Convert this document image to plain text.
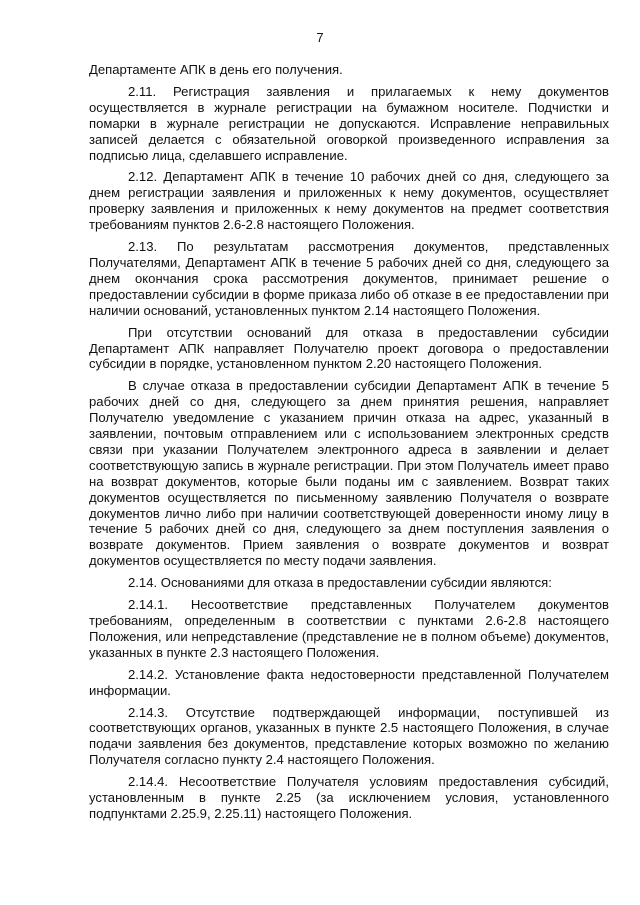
7

Департаменте АПК в день его получения.

2.11. Регистрация заявления и прилагаемых к нему документов осуществляется в журнале регистрации на бумажном носителе. Подчистки и помарки в журнале регистрации не допускаются. Исправление неправильных записей делается с обязательной оговоркой произведенного исправления за подписью лица, сделавшего исправление.

2.12. Департамент АПК в течение 10 рабочих дней со дня, следующего за днем регистрации заявления и приложенных к нему документов, осуществляет проверку заявления и приложенных к нему документов на предмет соответствия требованиям пунктов 2.6-2.8 настоящего Положения.

2.13. По результатам рассмотрения документов, представленных Получателями, Департамент АПК в течение 5 рабочих дней со дня, следующего за днем окончания срока рассмотрения документов, принимает решение о предоставлении субсидии в форме приказа либо об отказе в ее предоставлении при наличии оснований, установленных пунктом 2.14 настоящего Положения.

При отсутствии оснований для отказа в предоставлении субсидии Департамент АПК направляет Получателю проект договора о предоставлении субсидии в порядке, установленном пунктом 2.20 настоящего Положения.

В случае отказа в предоставлении субсидии Департамент АПК в течение 5 рабочих дней со дня, следующего за днем принятия решения, направляет Получателю уведомление с указанием причин отказа на адрес, указанный в заявлении, почтовым отправлением или с использованием электронных средств связи при указании Получателем электронного адреса в заявлении и делает соответствующую запись в журнале регистрации. При этом Получатель имеет право на возврат документов, которые были поданы им с заявлением. Возврат таких документов осуществляется по письменному заявлению Получателя о возврате документов лично либо при наличии соответствующей доверенности иному лицу в течение 5 рабочих дней со дня, следующего за днем поступления заявления о возврате документов. Прием заявления о возврате документов и возврат документов осуществляется по месту подачи заявления.

2.14. Основаниями для отказа в предоставлении субсидии являются:

2.14.1. Несоответствие представленных Получателем документов требованиям, определенным в соответствии с пунктами 2.6-2.8 настоящего Положения, или непредставление (представление не в полном объеме) документов, указанных в пункте 2.3 настоящего Положения.

2.14.2. Установление факта недостоверности представленной Получателем информации.

2.14.3. Отсутствие подтверждающей информации, поступившей из соответствующих органов, указанных в пункте 2.5 настоящего Положения, в случае подачи заявления без документов, представление которых возможно по желанию Получателя согласно пункту 2.4 настоящего Положения.

2.14.4. Несоответствие Получателя условиям предоставления субсидий, установленным в пункте 2.25 (за исключением условия, установленного подпунктами 2.25.9, 2.25.11) настоящего Положения.
